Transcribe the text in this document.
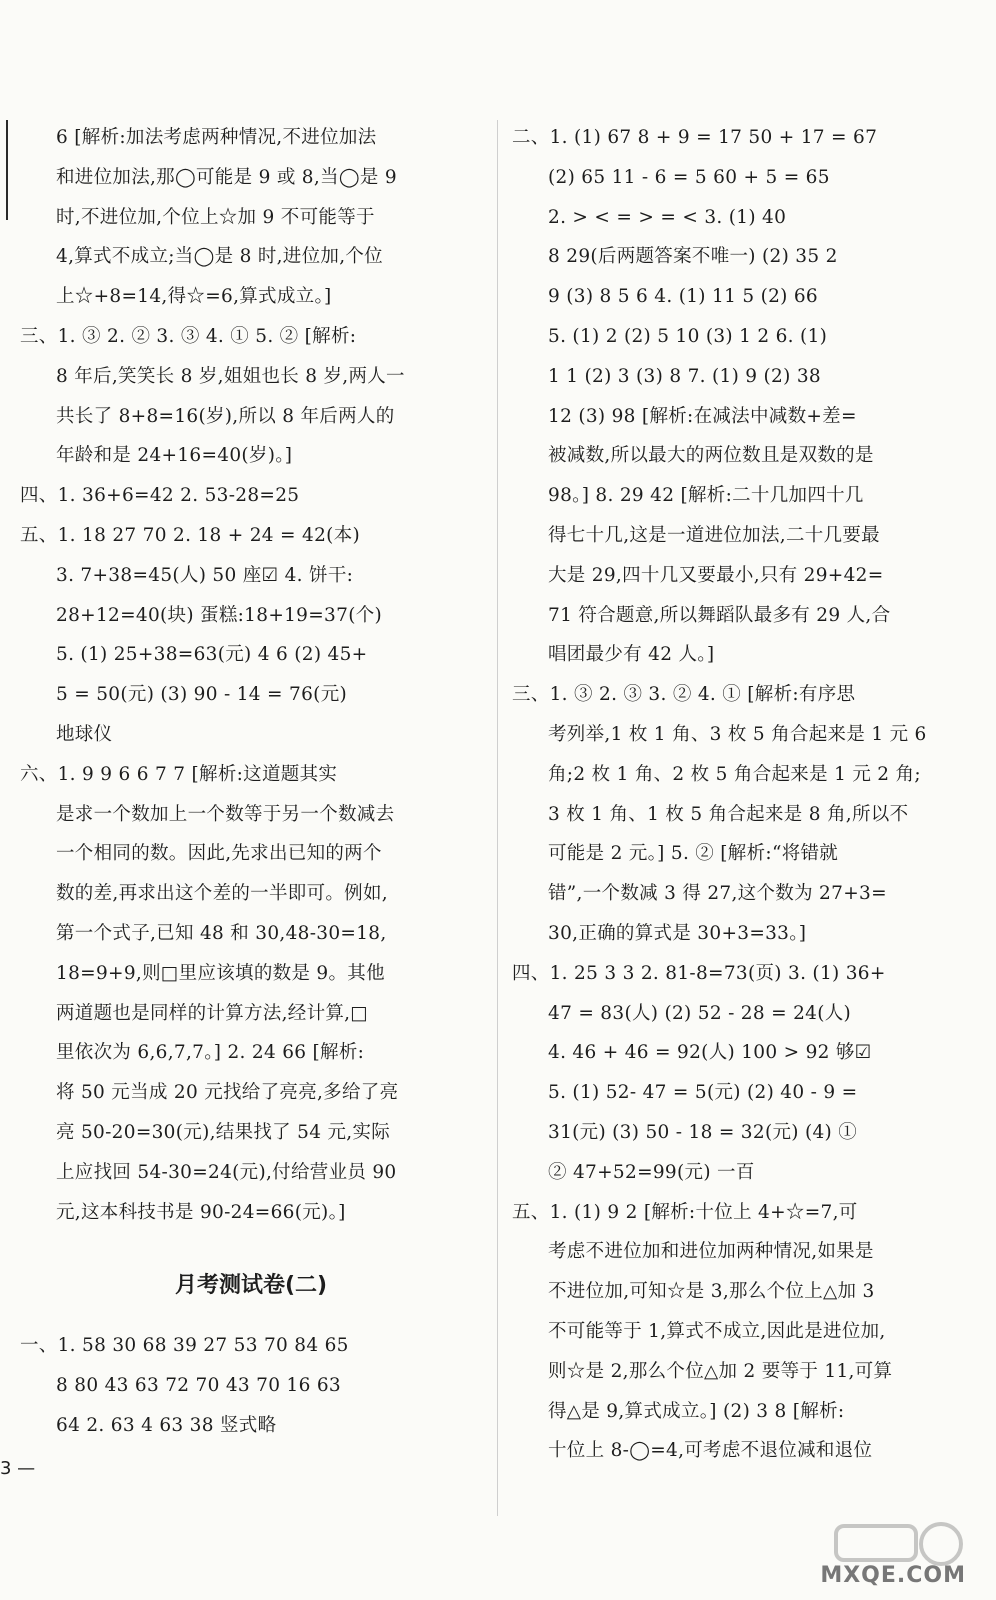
6 [解析:加法考虑两种情况,不进位加法
和进位加法,那◯可能是 9 或 8,当◯是 9
时,不进位加,个位上☆加 9 不可能等于
4,算式不成立;当◯是 8 时,进位加,个位
上☆+8=14,得☆=6,算式成立。]
三、1. ③ 2. ② 3. ③ 4. ① 5. ② [解析:
8 年后,笑笑长 8 岁,姐姐也长 8 岁,两人一
共长了 8+8=16(岁),所以 8 年后两人的
年龄和是 24+16=40(岁)。]
四、1. 36+6=42 2. 53-28=25
五、1. 18 27 70 2. 18 + 24 = 42(本)
3. 7+38=45(人) 50 座☑ 4. 饼干:
28+12=40(块) 蛋糕:18+19=37(个)
5. (1) 25+38=63(元) 4 6 (2) 45+
5 = 50(元) (3) 90 - 14 = 76(元)
地球仪
六、1. 9 9 6 6 7 7 [解析:这道题其实
是求一个数加上一个数等于另一个数减去
一个相同的数。因此,先求出已知的两个
数的差,再求出这个差的一半即可。例如,
第一个式子,已知 48 和 30,48-30=18,
18=9+9,则□里应该填的数是 9。其他
两道题也是同样的计算方法,经计算,□
里依次为 6,6,7,7。] 2. 24 66 [解析:
将 50 元当成 20 元找给了亮亮,多给了亮
亮 50-20=30(元),结果找了 54 元,实际
上应找回 54-30=24(元),付给营业员 90
元,这本科技书是 90-24=66(元)。]
月考测试卷(二)
一、1. 58 30 68 39 27 53 70 84 65
8 80 43 63 72 70 43 70 16 63
64 2. 63 4 63 38 竖式略
二、1. (1) 67 8 + 9 = 17 50 + 17 = 67
(2) 65 11 - 6 = 5 60 + 5 = 65
2. > < = > = < 3. (1) 40
8 29(后两题答案不唯一) (2) 35 2
9 (3) 8 5 6 4. (1) 11 5 (2) 66
5. (1) 2 (2) 5 10 (3) 1 2 6. (1)
1 1 (2) 3 (3) 8 7. (1) 9 (2) 38
12 (3) 98 [解析:在减法中减数+差=
被减数,所以最大的两位数且是双数的是
98。] 8. 29 42 [解析:二十几加四十几
得七十几,这是一道进位加法,二十几要最
大是 29,四十几又要最小,只有 29+42=
71 符合题意,所以舞蹈队最多有 29 人,合
唱团最少有 42 人。]
三、1. ③ 2. ③ 3. ② 4. ① [解析:有序思
考列举,1 枚 1 角、3 枚 5 角合起来是 1 元 6
角;2 枚 1 角、2 枚 5 角合起来是 1 元 2 角;
3 枚 1 角、1 枚 5 角合起来是 8 角,所以不
可能是 2 元。] 5. ② [解析:“将错就
错”,一个数减 3 得 27,这个数为 27+3=
30,正确的算式是 30+3=33。]
四、1. 25 3 3 2. 81-8=73(页) 3. (1) 36+
47 = 83(人) (2) 52 - 28 = 24(人)
4. 46 + 46 = 92(人) 100 > 92 够☑
5. (1) 52- 47 = 5(元) (2) 40 - 9 =
31(元) (3) 50 - 18 = 32(元) (4) ①
② 47+52=99(元) 一百
五、1. (1) 9 2 [解析:十位上 4+☆=7,可
考虑不进位加和进位加两种情况,如果是
不进位加,可知☆是 3,那么个位上△加 3
不可能等于 1,算式不成立,因此是进位加,
则☆是 2,那么个位△加 2 要等于 11,可算
得△是 9,算式成立。] (2) 3 8 [解析:
十位上 8-◯=4,可考虑不退位减和退位
3 —
MXQE.COM
